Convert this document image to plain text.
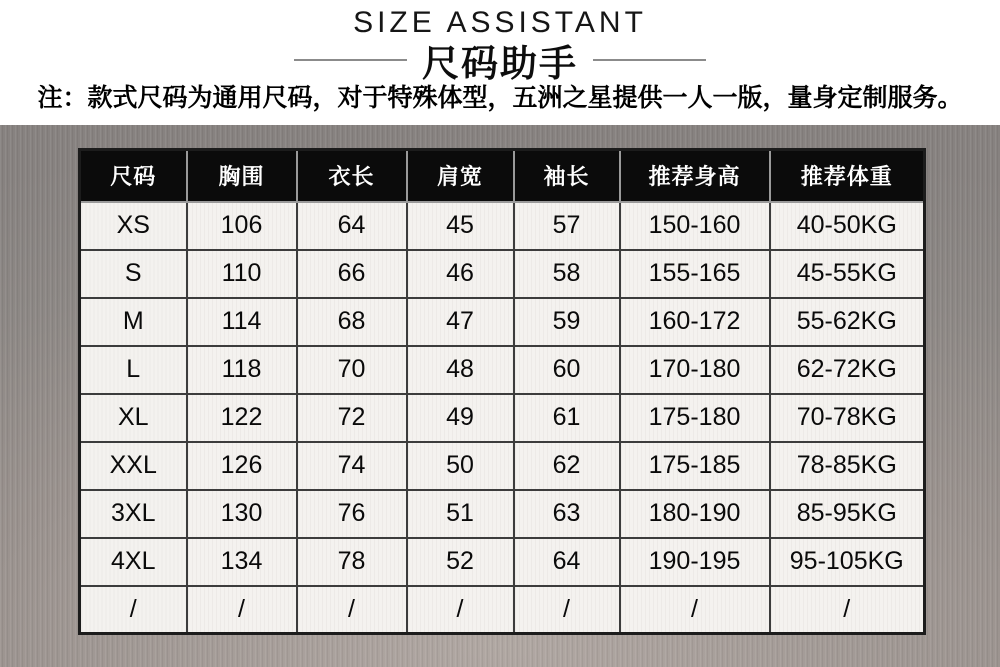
SIZE ASSISTANT
尺码助手
注：款式尺码为通用尺码，对于特殊体型，五洲之星提供一人一版，量身定制服务。
尺码	胸围	衣长	肩宽	袖长	推荐身高	推荐体重
XS	106	64	45	57	150-160	40-50KG
S	110	66	46	58	155-165	45-55KG
M	114	68	47	59	160-172	55-62KG
L	118	70	48	60	170-180	62-72KG
XL	122	72	49	61	175-180	70-78KG
XXL	126	74	50	62	175-185	78-85KG
3XL	130	76	51	63	180-190	85-95KG
4XL	134	78	52	64	190-195	95-105KG
/	/	/	/	/	/	/
